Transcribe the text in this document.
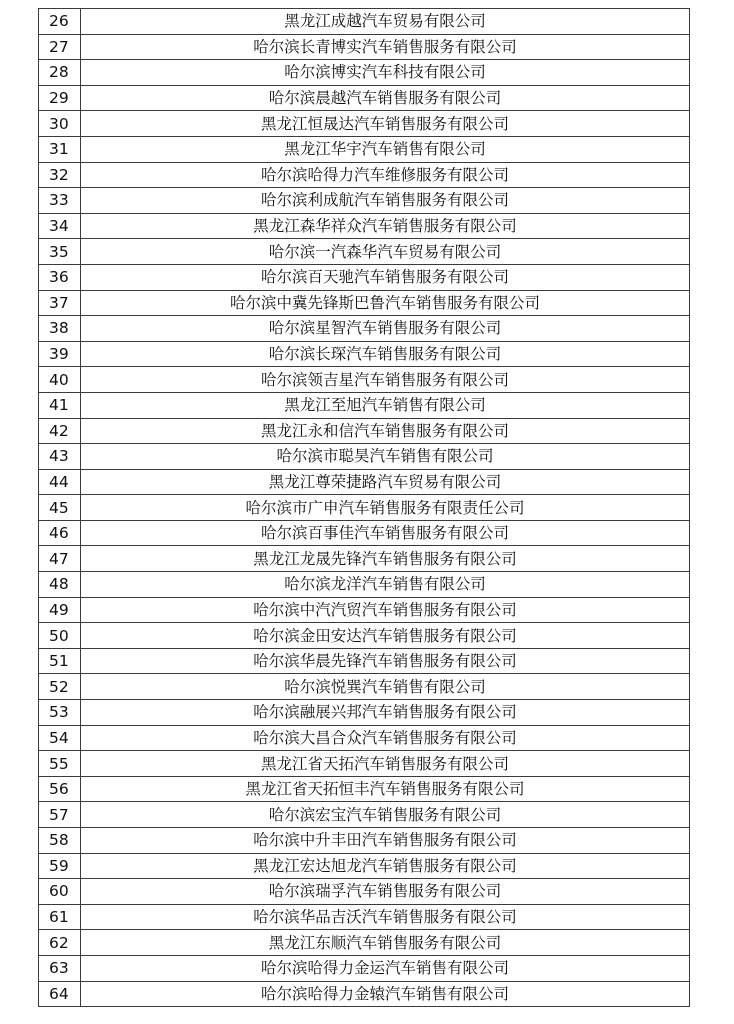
26	黑龙江成越汽车贸易有限公司
27	哈尔滨长青博实汽车销售服务有限公司
28	哈尔滨博实汽车科技有限公司
29	哈尔滨晨越汽车销售服务有限公司
30	黑龙江恒晟达汽车销售服务有限公司
31	黑龙江华宇汽车销售有限公司
32	哈尔滨哈得力汽车维修服务有限公司
33	哈尔滨利成航汽车销售服务有限公司
34	黑龙江森华祥众汽车销售服务有限公司
35	哈尔滨一汽森华汽车贸易有限公司
36	哈尔滨百天驰汽车销售服务有限公司
37	哈尔滨中冀先锋斯巴鲁汽车销售服务有限公司
38	哈尔滨星智汽车销售服务有限公司
39	哈尔滨长琛汽车销售服务有限公司
40	哈尔滨领吉星汽车销售服务有限公司
41	黑龙江至旭汽车销售有限公司
42	黑龙江永和信汽车销售服务有限公司
43	哈尔滨市聪昊汽车销售有限公司
44	黑龙江尊荣捷路汽车贸易有限公司
45	哈尔滨市广申汽车销售服务有限责任公司
46	哈尔滨百事佳汽车销售服务有限公司
47	黑龙江龙晟先锋汽车销售服务有限公司
48	哈尔滨龙洋汽车销售有限公司
49	哈尔滨中汽汽贸汽车销售服务有限公司
50	哈尔滨金田安达汽车销售服务有限公司
51	哈尔滨华晨先锋汽车销售服务有限公司
52	哈尔滨悦巽汽车销售有限公司
53	哈尔滨融展兴邦汽车销售服务有限公司
54	哈尔滨大昌合众汽车销售服务有限公司
55	黑龙江省天拓汽车销售服务有限公司
56	黑龙江省天拓恒丰汽车销售服务有限公司
57	哈尔滨宏宝汽车销售服务有限公司
58	哈尔滨中升丰田汽车销售服务有限公司
59	黑龙江宏达旭龙汽车销售服务有限公司
60	哈尔滨瑞孚汽车销售服务有限公司
61	哈尔滨华品吉沃汽车销售服务有限公司
62	黑龙江东顺汽车销售服务有限公司
63	哈尔滨哈得力金运汽车销售有限公司
64	哈尔滨哈得力金辕汽车销售有限公司
